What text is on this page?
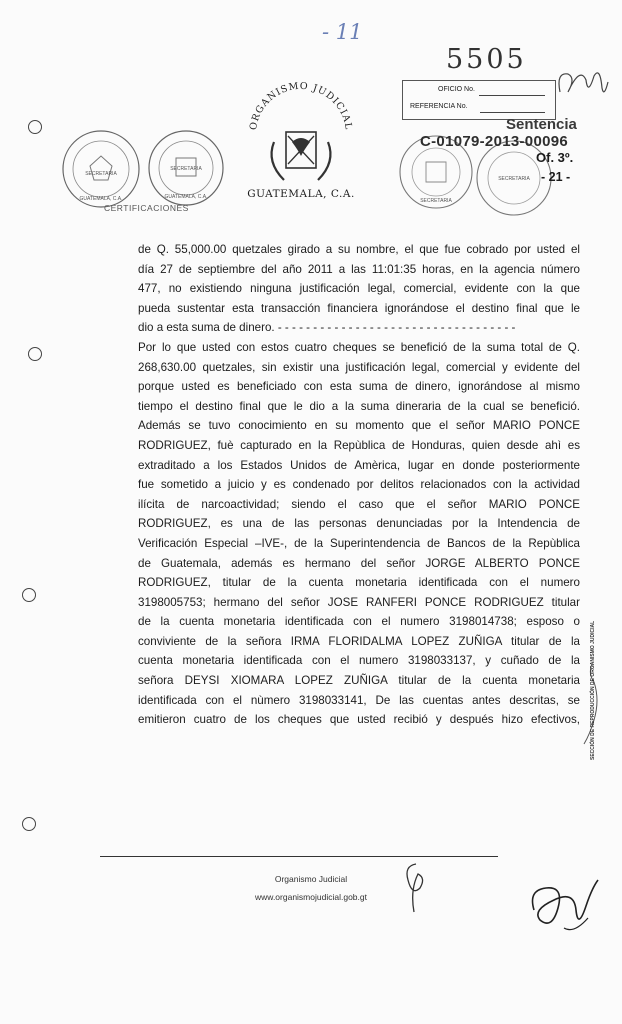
- 11
SECRETARIA
GUATEMALA, C.A.
SECRETARIA
GUATEMALA, C.A.
CERTIFICACIONES
ORGANISMO JUDICIAL
GUATEMALA, C.A.
5505
OFICIO No.
REFERENCIA No.
SECRETARIA
SECRETARIA
Sentencia
C-01079-2013-00096
Of. 3º.
- 21 -
de Q. 55,000.00 quetzales girado a su nombre, el que fue cobrado por usted el
día 27 de septiembre del año 2011 a las 11:01:35 horas, en la agencia número
477, no existiendo ninguna justificación legal, comercial, evidente con la que
pueda sustentar esta transacción financiera ignorándose el destino final que le
dio a esta suma de dinero. - - - - - - - - - - - - - - - - - - - - - - - - - - - - - - - - - -
Por lo que usted con estos cuatro cheques se benefició de la suma total de Q.
268,630.00 quetzales, sin existir una justificación legal, comercial y evidente del
porque usted es beneficiado con esta suma de dinero, ignorándose al mismo
tiempo el destino final que le dio a la suma dineraria de la cual se benefició.
Además se tuvo conocimiento en su momento que el señor MARIO PONCE
RODRIGUEZ, fuè capturado en la Repùblica de Honduras, quien desde ahì es
extraditado a los Estados Unidos de Amèrica, lugar en donde posteriormente
fue sometido a juicio y es condenado por delitos relacionados con la actividad
ilícita de narcoactividad; siendo el caso que el señor MARIO PONCE
RODRIGUEZ, es una de las personas denunciadas por la Intendencia de
Verificación Especial –IVE-, de la Superintendencia de Bancos de la Repùblica
de Guatemala, además es hermano del señor JORGE ALBERTO PONCE
RODRIGUEZ, titular de la cuenta monetaria identificada con el numero
3198005753; hermano del señor JOSE RANFERI PONCE RODRIGUEZ titular
de la cuenta monetaria identificada con el numero 3198014738; esposo o
conviviente de la señora IRMA FLORIDALMA LOPEZ ZUÑIGA titular de la
cuenta monetaria identificada con el numero 3198033137, y cuñado de la
señora DEYSI XIOMARA LOPEZ ZUÑIGA titular de la cuenta monetaria
identificada con el nùmero 3198033141, De las cuentas antes descritas, se
emitieron cuatro de los cheques que usted recibió y después hizo efectivos, SECCIÓN DE REPRODUCCIÓN DE ORGANISMO JUDICIAL
Organismo Judicial
www.organismojudicial.gob.gt
